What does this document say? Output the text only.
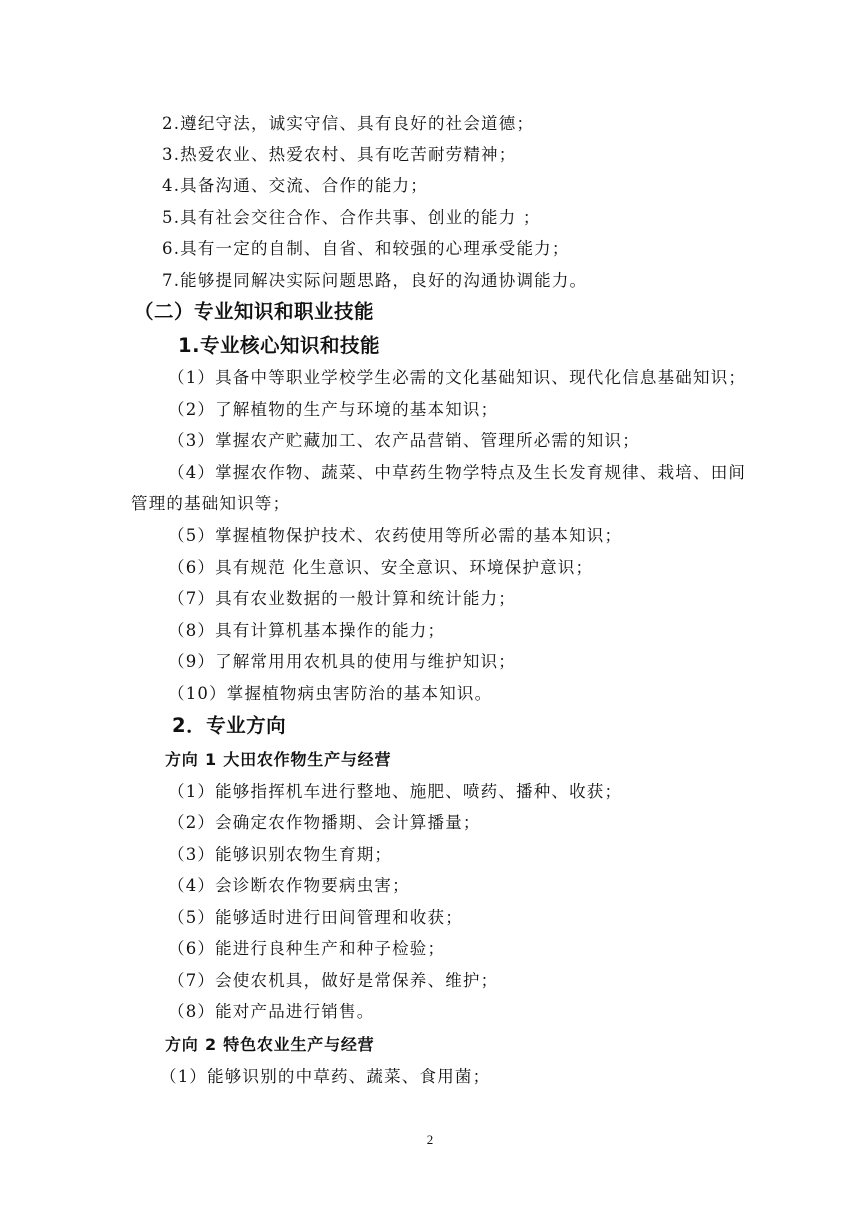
2.遵纪守法，诚实守信、具有良好的社会道德；
3.热爱农业、热爱农村、具有吃苦耐劳精神；
4.具备沟通、交流、合作的能力；
5.具有社会交往合作、合作共事、创业的能力 ；
6.具有一定的自制、自省、和较强的心理承受能力；
7.能够提同解决实际问题思路，良好的沟通协调能力。
（二）专业知识和职业技能
1.专业核心知识和技能
（1）具备中等职业学校学生必需的文化基础知识、现代化信息基础知识；
（2）了解植物的生产与环境的基本知识；
（3）掌握农产贮藏加工、农产品营销、管理所必需的知识；
（4）掌握农作物、蔬菜、中草药生物学特点及生长发育规律、栽培、田间
管理的基础知识等；
（5）掌握植物保护技术、农药使用等所必需的基本知识；
（6）具有规范 化生意识、安全意识、环境保护意识；
（7）具有农业数据的一般计算和统计能力；
（8）具有计算机基本操作的能力；
（9）了解常用用农机具的使用与维护知识；
（10）掌握植物病虫害防治的基本知识。
2．专业方向
方向 1 大田农作物生产与经营
（1）能够指挥机车进行整地、施肥、喷药、播种、收获；
（2）会确定农作物播期、会计算播量；
（3）能够识别农物生育期；
（4）会诊断农作物要病虫害；
（5）能够适时进行田间管理和收获；
（6）能进行良种生产和种子检验；
（7）会使农机具，做好是常保养、维护；
（8）能对产品进行销售。
方向 2 特色农业生产与经营
（1）能够识别的中草药、蔬菜、食用菌；
2
